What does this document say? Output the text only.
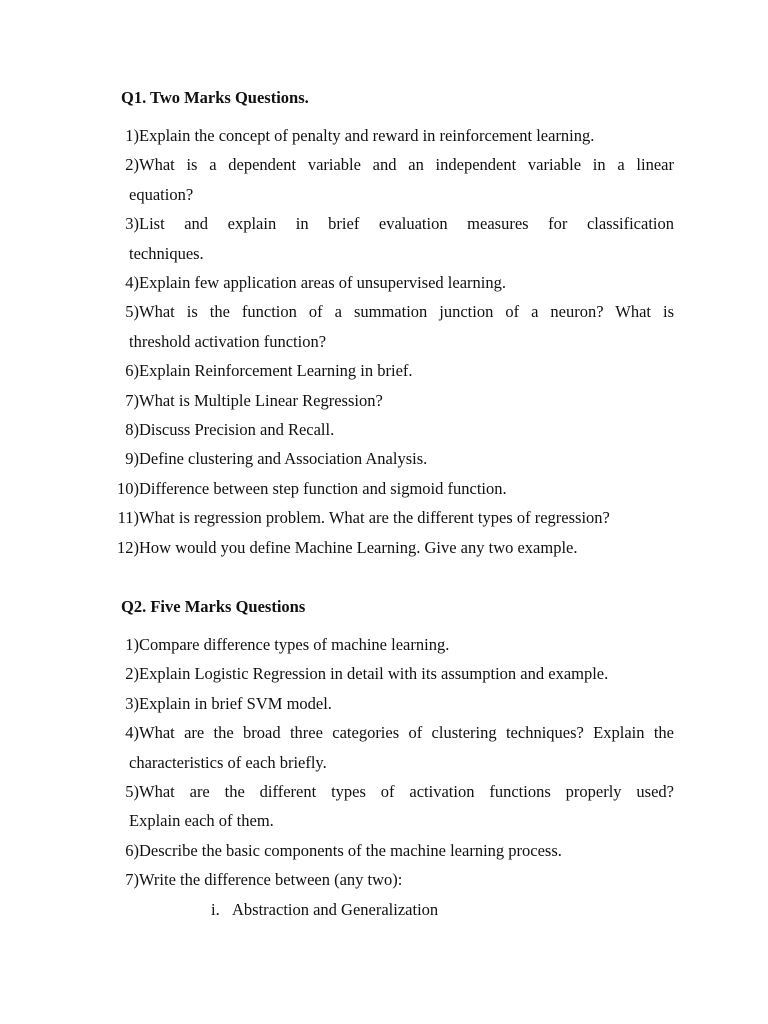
Q1. Two Marks Questions.
1) Explain the concept of penalty and reward in reinforcement learning.
2) What is a dependent variable and an independent variable in a linear
equation?
3) List and explain in brief evaluation measures for classification
techniques.
4) Explain few application areas of unsupervised learning.
5) What is the function of a summation junction of a neuron? What is
threshold activation function?
6) Explain Reinforcement Learning in brief.
7) What is Multiple Linear Regression?
8) Discuss Precision and Recall.
9) Define clustering and Association Analysis.
10) Difference between step function and sigmoid function.
11) What is regression problem. What are the different types of regression?
12) How would you define Machine Learning. Give any two example.
Q2. Five Marks Questions
1) Compare difference types of machine learning.
2) Explain Logistic Regression in detail with its assumption and example.
3) Explain in brief SVM model.
4) What are the broad three categories of clustering techniques? Explain the
characteristics of each briefly.
5) What are the different types of activation functions properly used?
Explain each of them.
6) Describe the basic components of the machine learning process.
7) Write the difference between (any two):
i. Abstraction and Generalization
